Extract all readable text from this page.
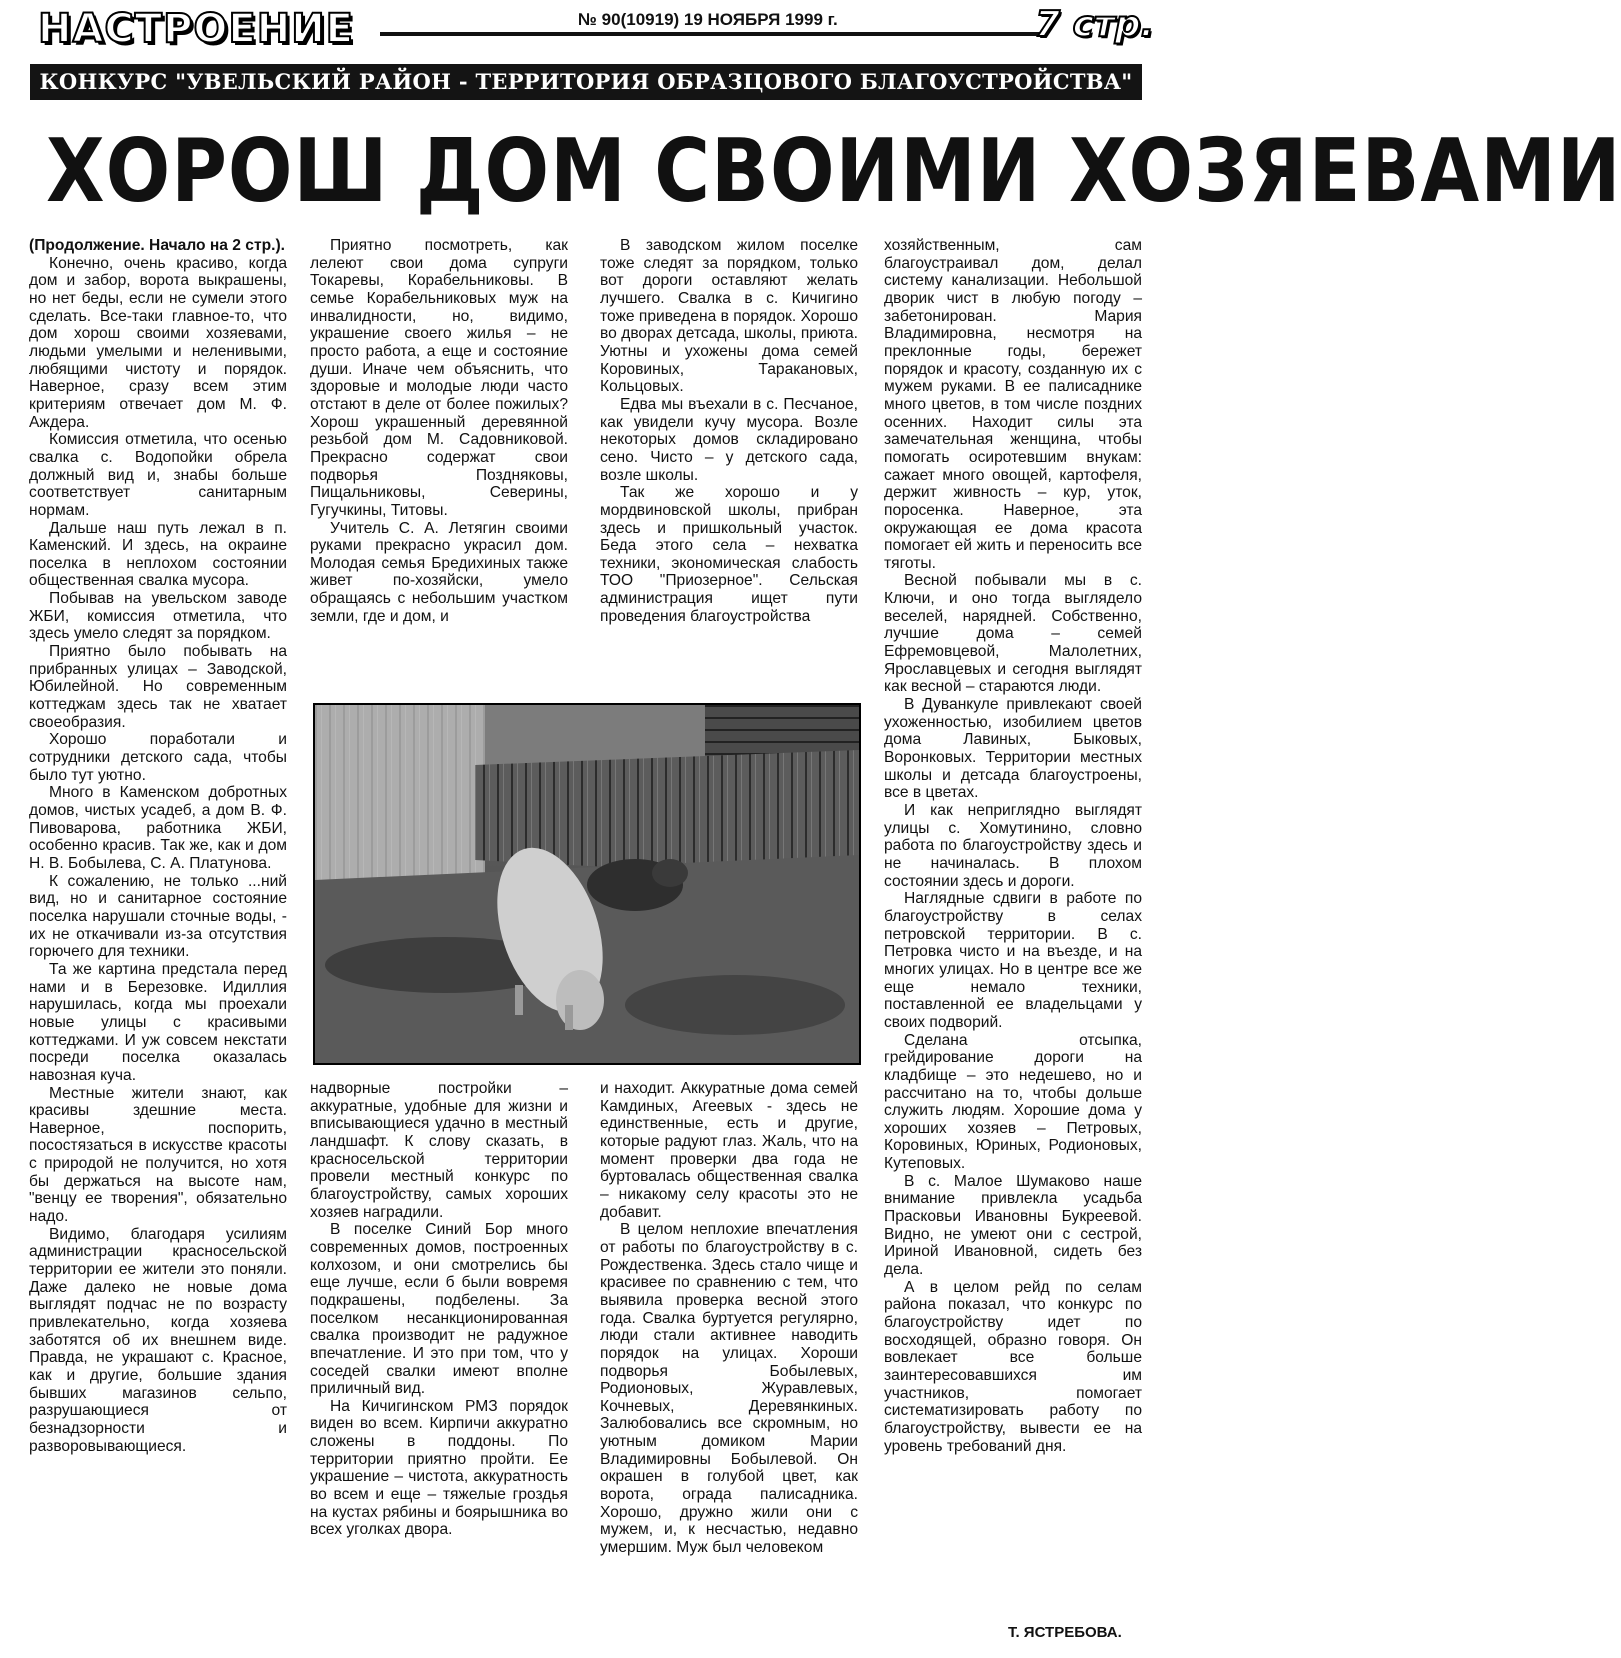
НАСТРОЕНИЕ	№ 90(10919) 19 НОЯБРЯ 1999 г.	7 стр.
КОНКУРС "УВЕЛЬСКИЙ РАЙОН - ТЕРРИТОРИЯ ОБРАЗЦОВОГО БЛАГОУСТРОЙСТВА"
ХОРОШ ДОМ СВОИМИ ХОЗЯЕВАМИ

(Продолжение. Начало на 2 стр.).

Конечно, очень красиво, когда дом и забор, ворота выкрашены, но нет беды, если не сумели этого сделать. Все-таки главное-то, что дом хорош своими хозяевами, людьми умелыми и неленивыми, любящими чистоту и порядок. Наверное, сразу всем этим критериям отвечает дом М. Ф. Аждера.

Комиссия отметила, что осенью свалка с. Водопойки обрела должный вид и, знабы больше соответствует санитарным нормам.

Дальше наш путь лежал в п. Каменский. И здесь, на окраине поселка в неплохом состоянии общественная свалка мусора.

Побывав на увельском заводе ЖБИ, комиссия отметила, что здесь умело следят за порядком.

Приятно было побывать на прибранных улицах – Заводской, Юбилейной. Но современным коттеджам здесь так не хватает своеобразия.

Хорошо поработали и сотрудники детского сада, чтобы было тут уютно.

Много в Каменском добротных домов, чистых усадеб, а дом В. Ф. Пивоварова, работника ЖБИ, особенно красив. Так же, как и дом Н. В. Бобылева, С. А. Платунова.

К сожалению, не только ...ний вид, но и санитарное состояние поселка нарушали сточные воды, - их не откачивали из-за отсутствия горючего для техники.

Та же картина предстала перед нами и в Березовке. Идиллия нарушилась, когда мы проехали новые улицы с красивыми коттеджами. И уж совсем некстати посреди поселка оказалась навозная куча.

Местные жители знают, как красивы здешние места. Наверное, поспорить, посостязаться в искусстве красоты с природой не получится, но хотя бы держаться на высоте нам, "венцу ее творения", обязательно надо.

Видимо, благодаря усилиям администрации красносельской территории ее жители это поняли. Даже далеко не новые дома выглядят подчас не по возрасту привлекательно, когда хозяева заботятся об их внешнем виде. Правда, не украшают с. Красное, как и другие, большие здания бывших магазинов сельпо, разрушающиеся от безнадзорности и разворовывающиеся.

Приятно посмотреть, как лелеют свои дома супруги Токаревы, Корабельниковы. В семье Корабельниковых муж на инвалидности, но, видимо, украшение своего жилья – не просто работа, а еще и состояние души. Иначе чем объяснить, что здоровые и молодые люди часто отстают в деле от более пожилых? Хорош украшенный деревянной резьбой дом М. Садовниковой. Прекрасно содержат свои подворья Поздняковы, Пищальниковы, Северины, Гугучкины, Титовы.

Учитель С. А. Летягин своими руками прекрасно украсил дом. Молодая семья Бредихиных также живет по-хозяйски, умело обращаясь с небольшим участком земли, где и дом, и

В заводском жилом поселке тоже следят за порядком, только вот дороги оставляют желать лучшего. Свалка в с. Кичигино тоже приведена в порядок. Хорошо во дворах детсада, школы, приюта. Уютны и ухожены дома семей Коровиных, Таракановых, Кольцовых.

Едва мы въехали в с. Песчаное, как увидели кучу мусора. Возле некоторых домов складировано сено. Чисто – у детского сада, возле школы.

Так же хорошо и у мордвиновской школы, прибран здесь и пришкольный участок. Беда этого села – нехватка техники, экономическая слабость ТОО "Приозерное". Сельская администрация ищет пути проведения благоустройства

надворные постройки – аккуратные, удобные для жизни и вписывающиеся удачно в местный ландшафт. К слову сказать, в красносельской территории провели местный конкурс по благоустройству, самых хороших хозяев наградили.

В поселке Синий Бор много современных домов, построенных колхозом, и они смотрелись бы еще лучше, если б были вовремя подкрашены, подбелены. За поселком несанкционированная свалка производит не радужное впечатление. И это при том, что у соседей свалки имеют вполне приличный вид.

На Кичигинском РМЗ порядок виден во всем. Кирпичи аккуратно сложены в поддоны. По территории приятно пройти. Ее украшение – чистота, аккуратность во всем и еще – тяжелые гроздья на кустах рябины и боярышника во всех уголках двора.

и находит. Аккуратные дома семей Камдиных, Агеевых - здесь не единственные, есть и другие, которые радуют глаз. Жаль, что на момент проверки два года не буртовалась общественная свалка – никакому селу красоты это не добавит.

В целом неплохие впечатления от работы по благоустройству в с. Рождественка. Здесь стало чище и красивее по сравнению с тем, что выявила проверка весной этого года. Свалка буртуется регулярно, люди стали активнее наводить порядок на улицах. Хороши подворья Бобылевых, Родионовых, Журавлевых, Кочневых, Деревянкиных. Залюбовались все скромным, но уютным домиком Марии Владимировны Бобылевой. Он окрашен в голубой цвет, как воротa, ограда палисадника. Хорошо, дружно жили они с мужем, и, к несчастью, недавно умершим. Муж был человеком

хозяйственным, сам благоустраивал дом, делал систему канализации. Небольшой дворик чист в любую погоду – забетонирован. Мария Владимировна, несмотря на преклонные годы, бережет порядок и красоту, созданную их с мужем руками. В ее палисаднике много цветов, в том числе поздних осенних. Находит силы эта замечательная женщина, чтобы помогать осиротевшим внукам: сажает много овощей, картофеля, держит живность – кур, уток, поросенка. Наверное, эта окружающая ее дома красота помогает ей жить и переносить все тяготы.

Весной побывали мы в с. Ключи, и оно тогда выглядело веселей, нарядней. Собственно, лучшие дома – семей Ефремовцевой, Малолетних, Ярославцевых и сегодня выглядят как весной – стараются люди.

В Дуванкуле привлекают своей ухоженностью, изобилием цветов дома Лавиных, Быковых, Воронковых. Территории местных школы и детсада благоустроены, все в цветах.

И как неприглядно выглядят улицы с. Хомутинино, словно работа по благоустройству здесь и не начиналась. В плохом состоянии здесь и дороги.

Наглядные сдвиги в работе по благоустройству в селах петровской территории. В с. Петровка чисто и на въезде, и на многих улицах. Но в центре все же еще немало техники, поставленной ее владельцами у своих подворий.

Сделана отсыпка, грейдирование дороги на кладбище – это недешево, но и рассчитано на то, чтобы дольше служить людям. Хорошие дома у хороших хозяев – Петровых, Коровиных, Юриных, Родионовых, Кутеповых.

В с. Малое Шумаково наше внимание привлекла усадьба Прасковьи Ивановны Букреевой. Видно, не умеют они с сестрой, Ириной Ивановной, сидеть без дела.

А в целом рейд по селам района показал, что конкурс по благоустройству идет по восходящей, образно говоря. Он вовлекает все больше заинтересовавшихся им участников, помогает систематизировать работу по благоустройству, вывести ее на уровень требований дня.

Т. ЯСТРЕБОВА.
